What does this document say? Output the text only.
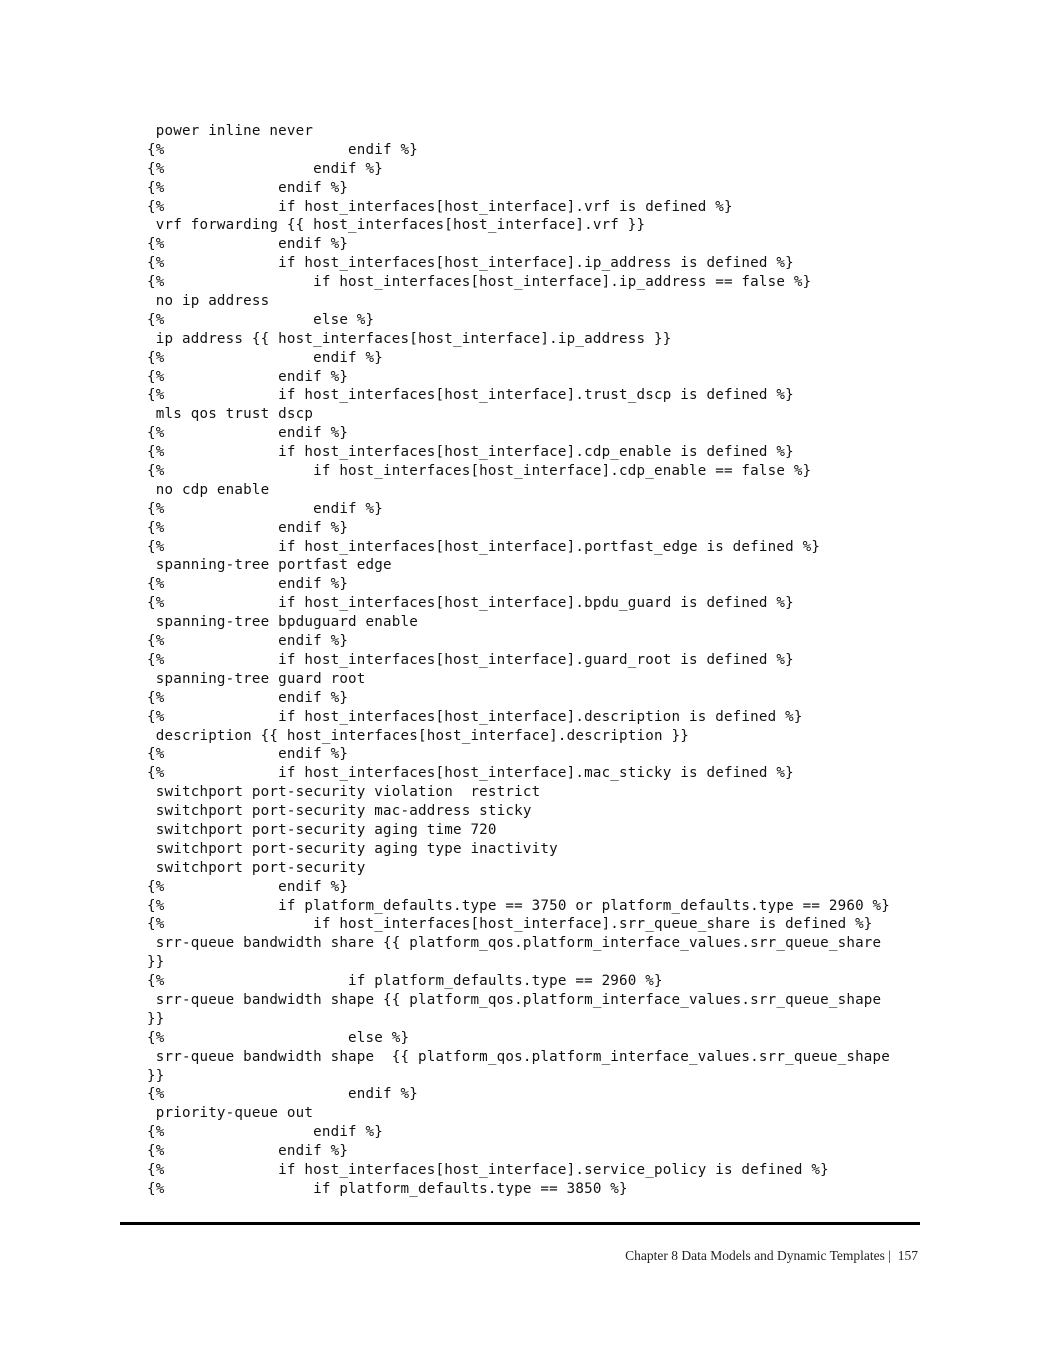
power inline never
{%                     endif %}
{%                 endif %}
{%             endif %}
{%             if host_interfaces[host_interface].vrf is defined %}
vrf forwarding {{ host_interfaces[host_interface].vrf }}
{%             endif %}
{%             if host_interfaces[host_interface].ip_address is defined %}
{%                 if host_interfaces[host_interface].ip_address == false %}
no ip address
{%                 else %}
ip address {{ host_interfaces[host_interface].ip_address }}
{%                 endif %}
{%             endif %}
{%             if host_interfaces[host_interface].trust_dscp is defined %}
mls qos trust dscp
{%             endif %}
{%             if host_interfaces[host_interface].cdp_enable is defined %}
{%                 if host_interfaces[host_interface].cdp_enable == false %}
no cdp enable
{%                 endif %}
{%             endif %}
{%             if host_interfaces[host_interface].portfast_edge is defined %}
spanning-tree portfast edge
{%             endif %}
{%             if host_interfaces[host_interface].bpdu_guard is defined %}
spanning-tree bpduguard enable
{%             endif %}
{%             if host_interfaces[host_interface].guard_root is defined %}
spanning-tree guard root
{%             endif %}
{%             if host_interfaces[host_interface].description is defined %}
description {{ host_interfaces[host_interface].description }}
{%             endif %}
{%             if host_interfaces[host_interface].mac_sticky is defined %}
switchport port-security violation  restrict
switchport port-security mac-address sticky
switchport port-security aging time 720
switchport port-security aging type inactivity
switchport port-security
{%             endif %}
{%             if platform_defaults.type == 3750 or platform_defaults.type == 2960 %}
{%                 if host_interfaces[host_interface].srr_queue_share is defined %}
srr-queue bandwidth share {{ platform_qos.platform_interface_values.srr_queue_share
}}
{%                     if platform_defaults.type == 2960 %}
srr-queue bandwidth shape {{ platform_qos.platform_interface_values.srr_queue_shape
}}
{%                     else %}
srr-queue bandwidth shape  {{ platform_qos.platform_interface_values.srr_queue_shape
}}
{%                     endif %}
priority-queue out
{%                 endif %}
{%             endif %}
{%             if host_interfaces[host_interface].service_policy is defined %}
{%                 if platform_defaults.type == 3850 %}
Chapter 8 Data Models and Dynamic Templates |  157
